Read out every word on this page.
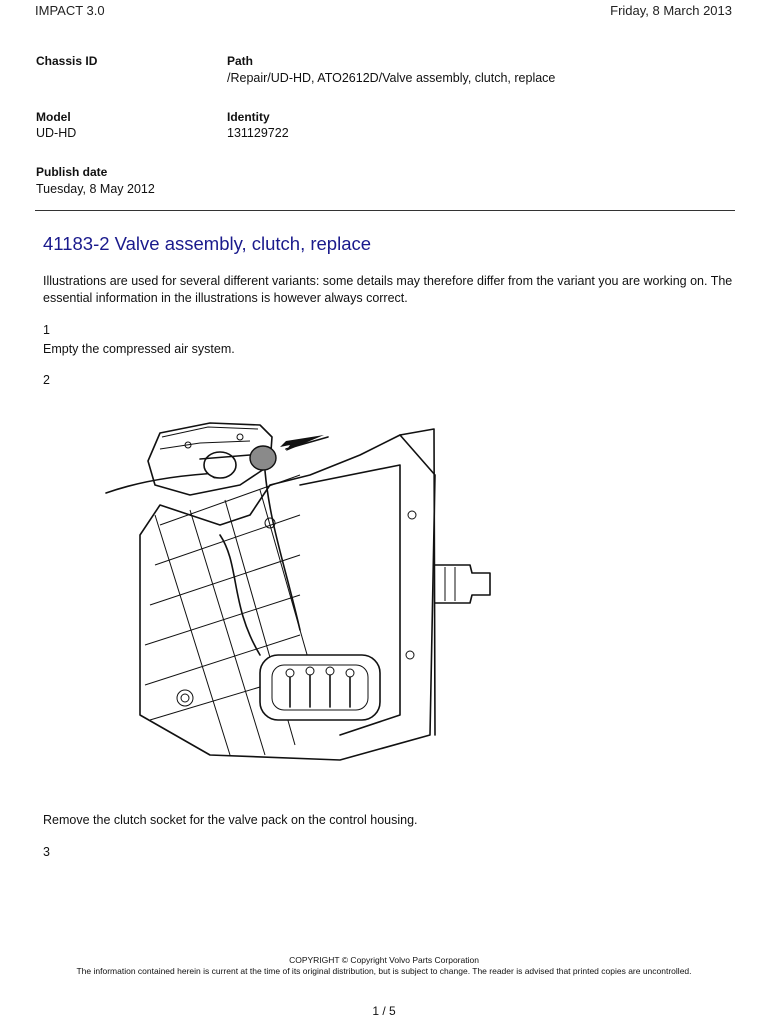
IMPACT 3.0	Friday, 8 March 2013
Chassis ID	Path
/Repair/UD-HD, ATO2612D/Valve assembly, clutch, replace
Model
UD-HD
Identity
131129722
Publish date
Tuesday, 8 May 2012
41183-2 Valve assembly, clutch, replace
Illustrations are used for several different variants: some details may therefore differ from the variant you are working on. The essential information in the illustrations is however always correct.
1
Empty the compressed air system.
2
Remove the clutch socket for the valve pack on the control housing.
3
COPYRIGHT © Copyright Volvo Parts Corporation
The information contained herein is current at the time of its original distribution, but is subject to change. The reader is advised that printed copies are uncontrolled.
1 / 5
